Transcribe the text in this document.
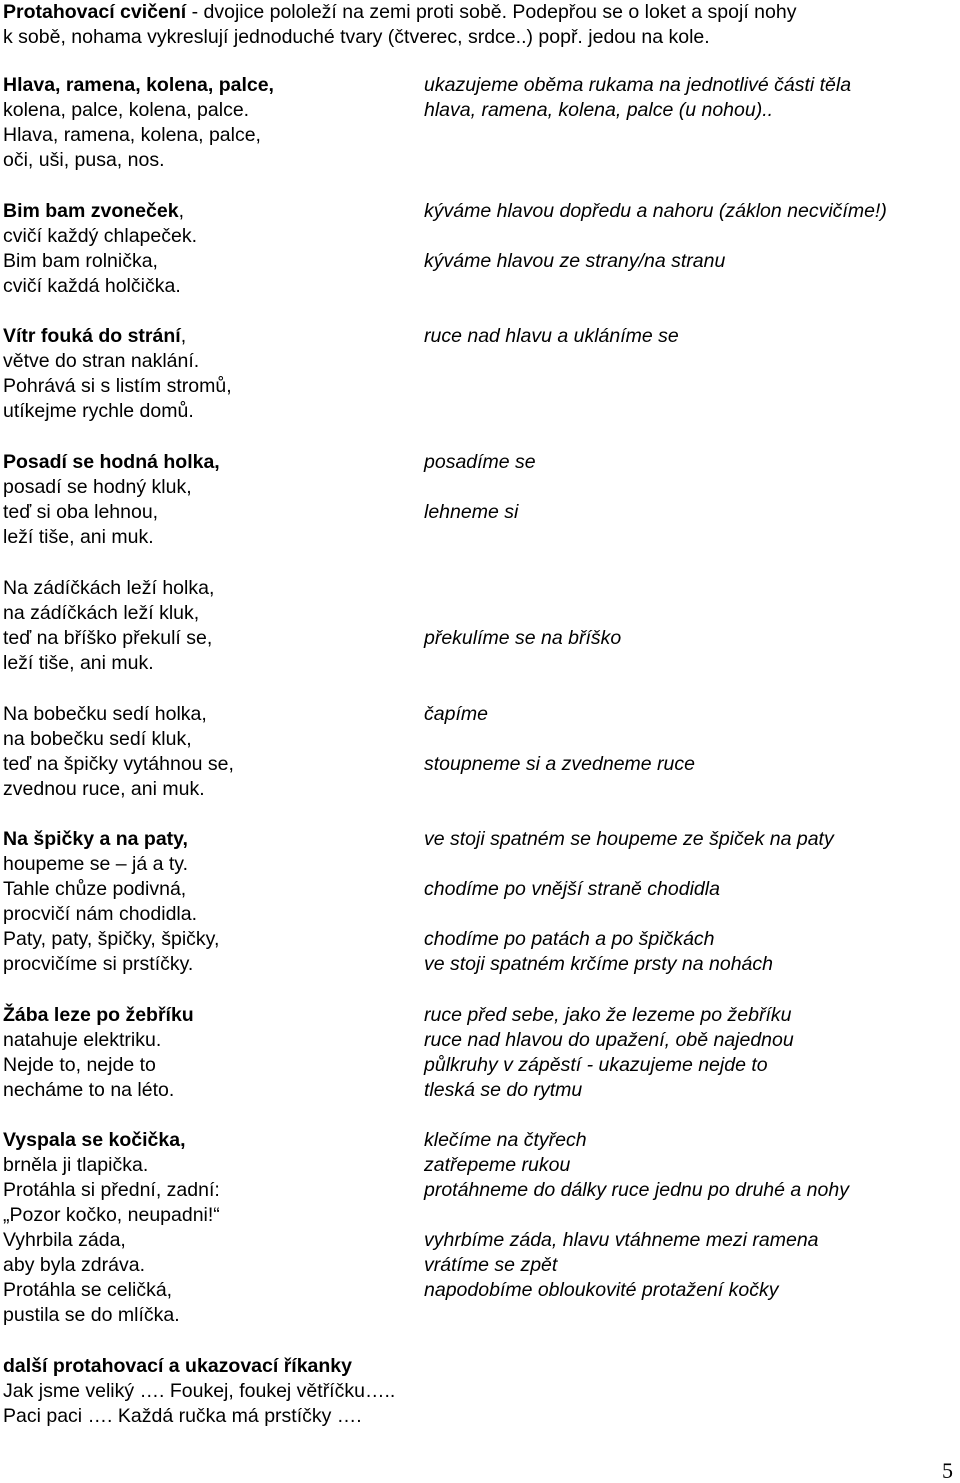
Protahovací cvičení - dvojice pololeží na zemi proti sobě. Podepřou se o loket a spojí nohy
k sobě, nohama vykreslují jednoduché tvary (čtverec, srdce..) popř. jedou na kole.
Hlava, ramena, kolena, palce,
kolena, palce, kolena, palce.
Hlava, ramena, kolena, palce,
oči, uši, pusa, nos.
ukazujeme oběma rukama na jednotlivé části těla
hlava, ramena, kolena, palce (u nohou)..
Bim bam zvoneček,
cvičí každý chlapeček.
Bim bam rolnička,
cvičí každá holčička.
kýváme hlavou dopředu a nahoru (záklon necvičíme!)
kýváme hlavou ze strany/na stranu
Vítr fouká do strání,
větve do stran naklání.
Pohrává si s listím stromů,
utíkejme rychle domů.
ruce nad hlavu a ukláníme se
Posadí se hodná holka,
posadí se hodný kluk,
teď si oba lehnou,
leží tiše, ani muk.
posadíme se
lehneme si
Na zádíčkách leží holka,
na zádíčkách leží kluk,
teď na bříško překulí se,
leží tiše, ani muk.
překulíme se na bříško
Na bobečku sedí holka,
na bobečku sedí kluk,
teď na špičky vytáhnou se,
zvednou ruce, ani muk.
čapíme
stoupneme si a zvedneme ruce
Na špičky a na paty,
houpeme se – já a ty.
Tahle chůze podivná,
procvičí nám chodidla.
Paty, paty, špičky, špičky,
procvičíme si prstíčky.
ve stoji spatném se houpeme ze špiček na paty
chodíme po vnější straně chodidla
chodíme po patách a po špičkách
ve stoji spatném krčíme prsty na nohách
Žába leze po žebříku
natahuje elektriku.
Nejde to, nejde to
necháme to na léto.
ruce před sebe, jako že lezeme po žebříku
ruce nad hlavou do upažení, obě najednou
půlkruhy v zápěstí - ukazujeme nejde to
tleská se do rytmu
Vyspala se kočička,
brněla ji tlapička.
Protáhla si přední, zadní:
„Pozor kočko, neupadni!“
Vyhrbila záda,
aby byla zdráva.
Protáhla se celičká,
pustila se do mlíčka.
klečíme na čtyřech
zatřepeme rukou
protáhneme do dálky ruce jednu po druhé a nohy
vyhrbíme záda, hlavu vtáhneme mezi ramena
vrátíme se zpět
napodobíme obloukovité protažení kočky
další protahovací a ukazovací říkanky
Jak jsme veliký …. Foukej, foukej větříčku…..
Paci paci …. Každá ručka má prstíčky ….
5
